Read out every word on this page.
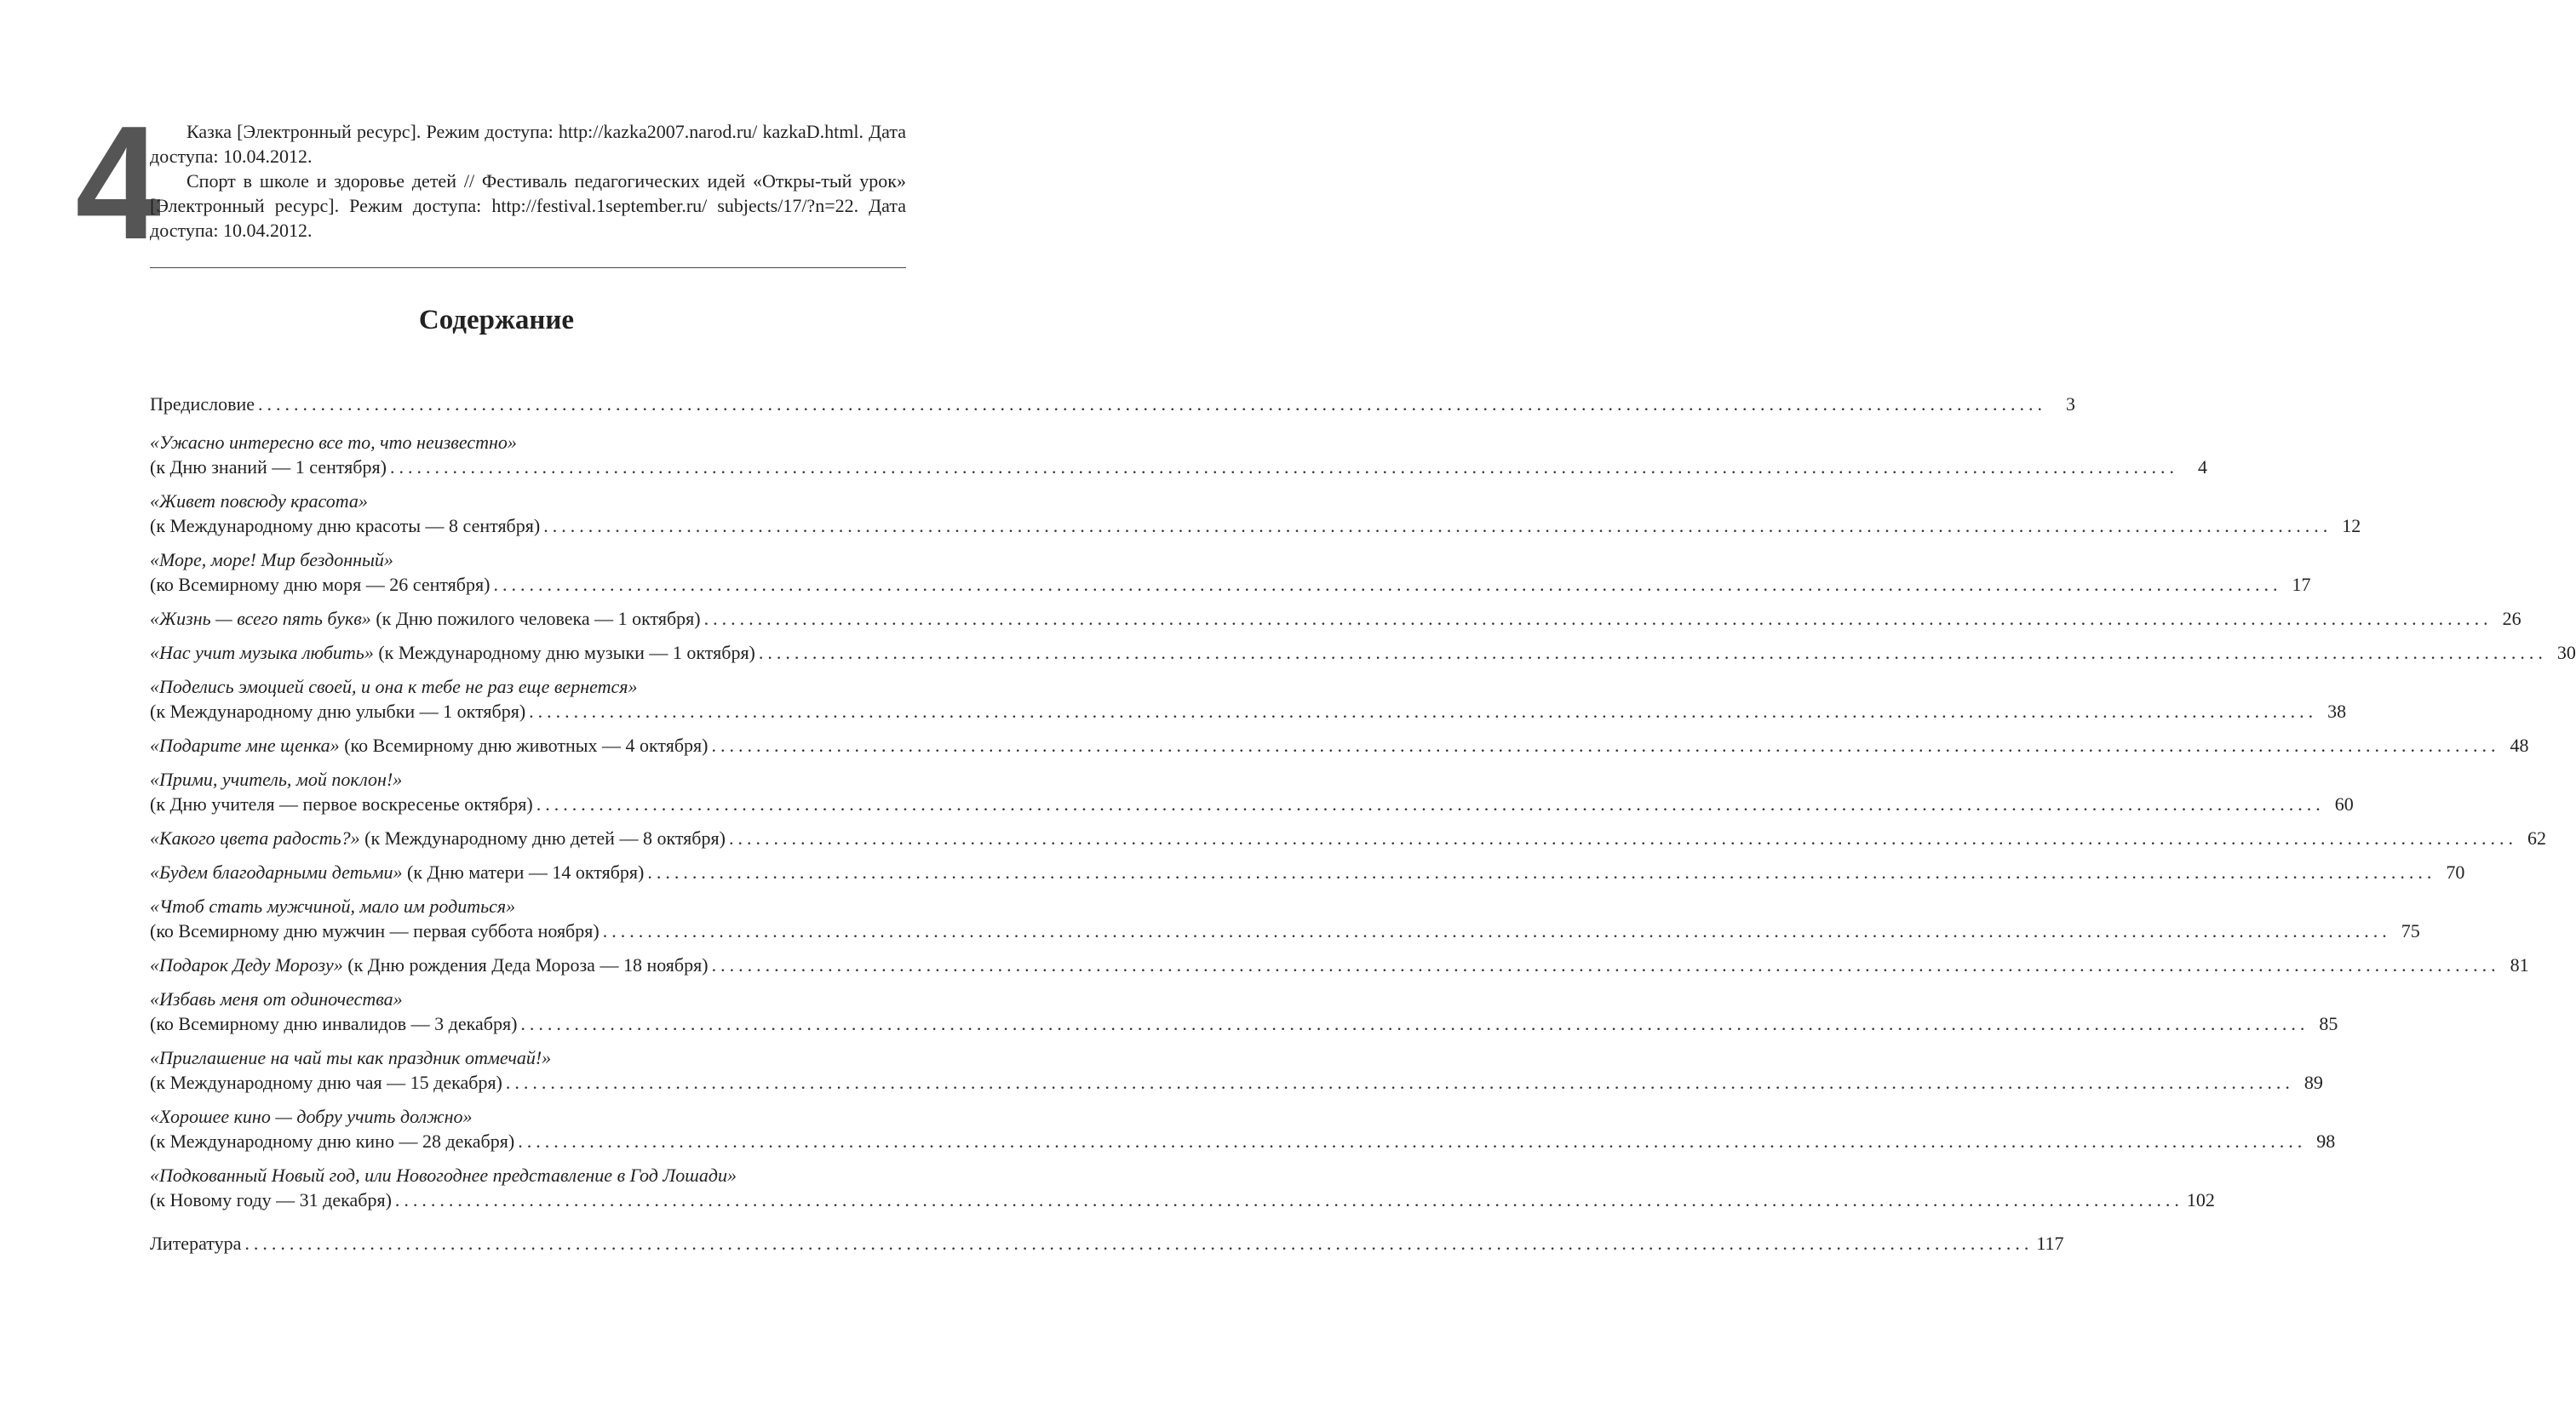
4	Казка [Электронный ресурс]. Режим доступа: http://kazka2007.narod.ru/ kazkaD.html. Дата доступа: 10.04.2012.

Спорт в школе и здоровье детей // Фестиваль педагогических идей «Откры-тый урок» [Электронный ресурс]. Режим доступа: http://festival.1september.ru/ subjects/17/?n=22. Дата доступа: 10.04.2012.

Содержание
Предисловие ........................................................................................................................................................................................................	3
«Ужасно интересно все то, что неизвестно»
(к Дню знаний — 1 сентября) ........................................................................................................................................................................................................	4
«Живет повсюду красота»
(к Международному дню красоты — 8 сентября) ........................................................................................................................................................................................................ 12
«Море, море! Мир бездонный»
(ко Всемирному дню моря — 26 сентября) ........................................................................................................................................................................................................ 17
«Жизнь — всего пять букв» (к Дню пожилого человека — 1 октября) ........................................................................................................................................................................................................ 26
«Нас учит музыка любить» (к Международному дню музыки — 1 октября) ........................................................................................................................................................................................................ 30
«Поделись эмоцией своей, и она к тебе не раз еще вернется»
(к Международному дню улыбки — 1 октября) ........................................................................................................................................................................................................ 38
«Подарите мне щенка» (ко Всемирному дню животных — 4 октября) ........................................................................................................................................................................................................ 48
«Прими, учитель, мой поклон!»
(к Дню учителя — первое воскресенье октября) ........................................................................................................................................................................................................ 60
«Какого цвета радость?» (к Международному дню детей — 8 октября) ........................................................................................................................................................................................................ 62
«Будем благодарными детьми» (к Дню матери — 14 октября) ........................................................................................................................................................................................................ 70
«Чтоб стать мужчиной, мало им родиться»
(ко Всемирному дню мужчин — первая суббота ноября) ........................................................................................................................................................................................................ 75
«Подарок Деду Морозу» (к Дню рождения Деда Мороза — 18 ноября) ........................................................................................................................................................................................................ 81
«Избавь меня от одиночества»
(ко Всемирному дню инвалидов — 3 декабря) ........................................................................................................................................................................................................ 85
«Приглашение на чай ты как праздник отмечай!»
(к Международному дню чая — 15 декабря) ........................................................................................................................................................................................................ 89
«Хорошее кино — добру учить должно»
(к Международному дню кино — 28 декабря) ........................................................................................................................................................................................................ 98
«Подкованный Новый год, или Новогоднее представление в Год Лошади»
(к Новому году — 31 декабря) ........................................................................................................................................................................................................ 102
Литература ........................................................................................................................................................................................................ 117
